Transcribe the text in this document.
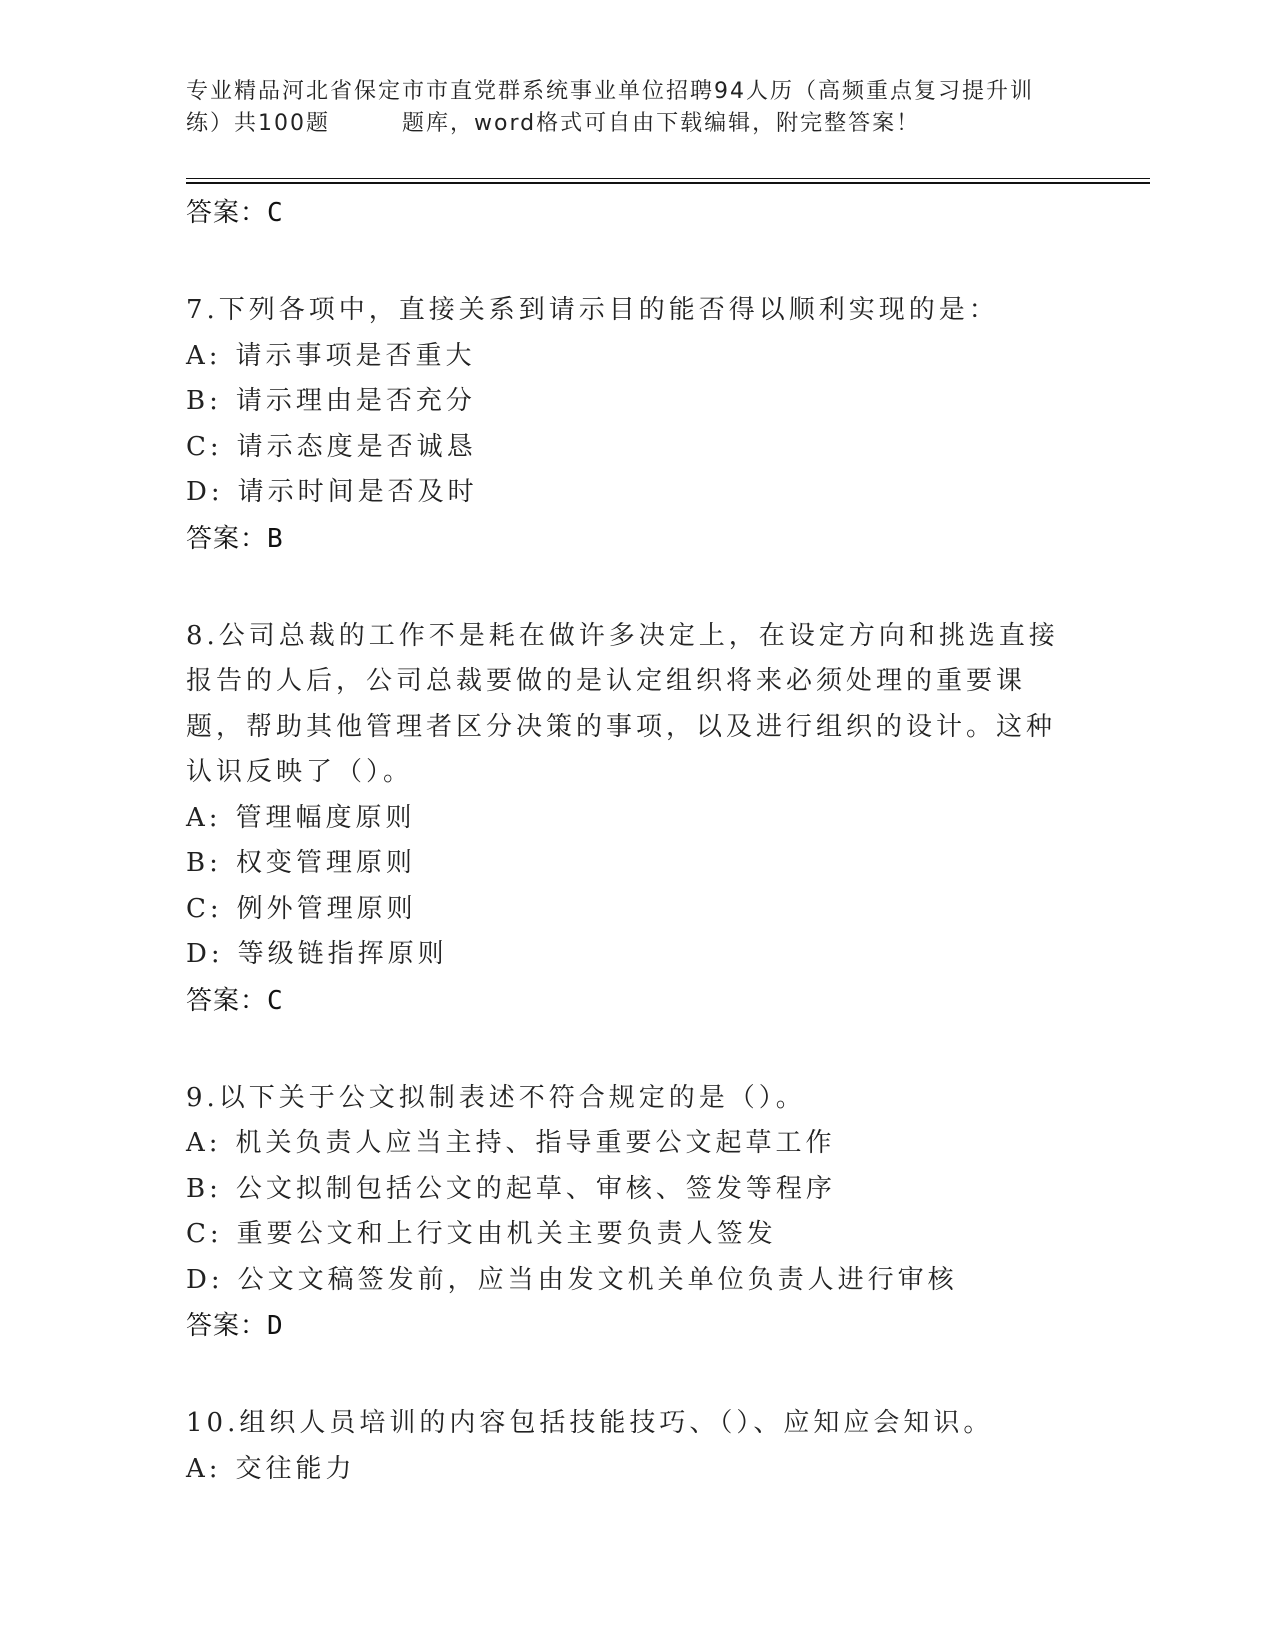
专业精品河北省保定市市直党群系统事业单位招聘94人历（高频重点复习提升训
练）共100题	题库，word格式可自由下载编辑，附完整答案！
答案：C
7.下列各项中，直接关系到请示目的能否得以顺利实现的是：
A: 请示事项是否重大
B: 请示理由是否充分
C: 请示态度是否诚恳
D: 请示时间是否及时
答案：B
8.公司总裁的工作不是耗在做许多决定上，在设定方向和挑选直接报告的人后，公司总裁要做的是认定组织将来必须处理的重要课题，帮助其他管理者区分决策的事项，以及进行组织的设计。这种认识反映了（）。
A: 管理幅度原则
B: 权变管理原则
C: 例外管理原则
D: 等级链指挥原则
答案：C
9.以下关于公文拟制表述不符合规定的是（）。
A: 机关负责人应当主持、指导重要公文起草工作
B: 公文拟制包括公文的起草、审核、签发等程序
C: 重要公文和上行文由机关主要负责人签发
D: 公文文稿签发前，应当由发文机关单位负责人进行审核
答案：D
10.组织人员培训的内容包括技能技巧、（）、应知应会知识。
A: 交往能力
